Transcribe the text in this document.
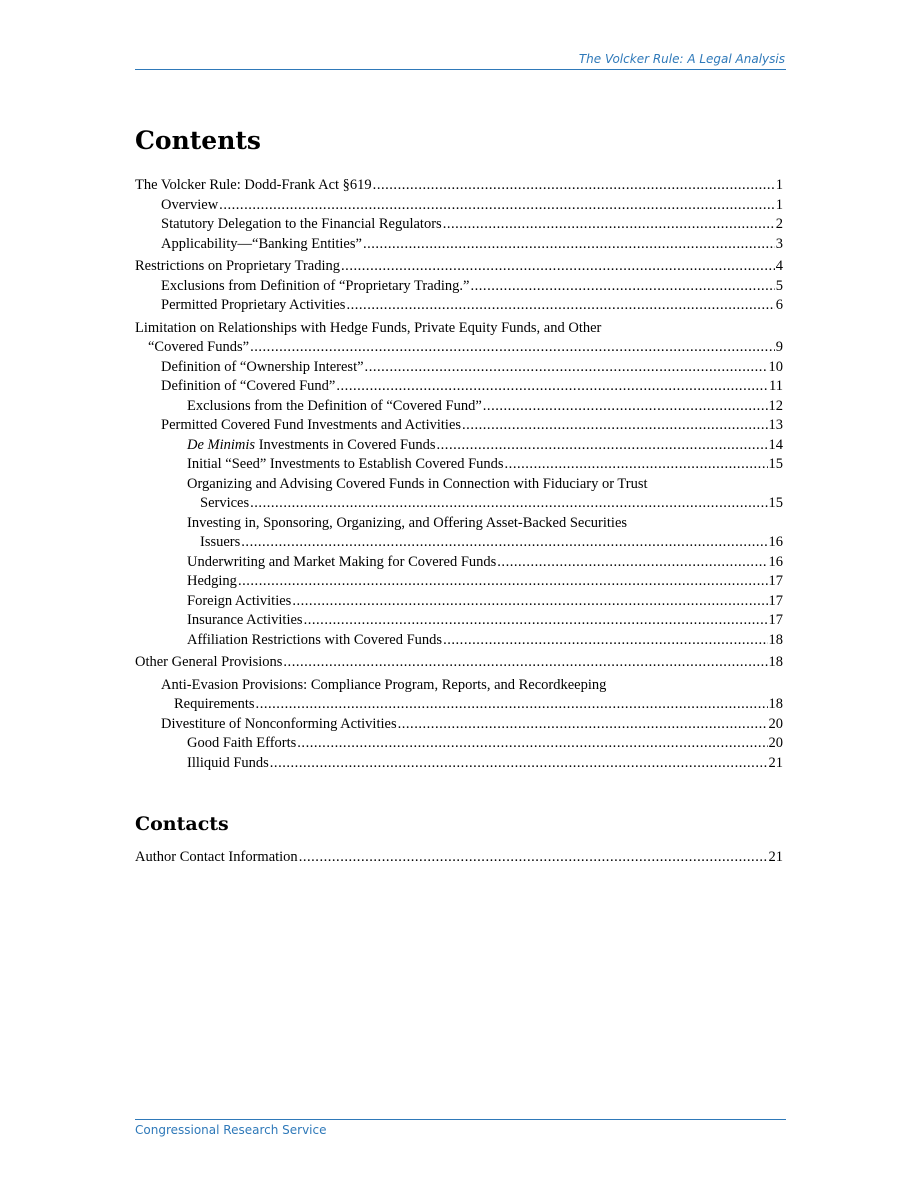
The Volcker Rule: A Legal Analysis
Contents
The Volcker Rule: Dodd-Frank Act §619 . . .	1
Overview . . .	1
Statutory Delegation to the Financial Regulators . . .	2
Applicability—“Banking Entities” . . .	3
Restrictions on Proprietary Trading . . .	4
Exclusions from Definition of “Proprietary Trading.” . . .	5
Permitted Proprietary Activities . . .	6
Limitation on Relationships with Hedge Funds, Private Equity Funds, and Other
“Covered Funds” . . .	9
Definition of “Ownership Interest” . . .	10
Definition of “Covered Fund” . . .	11
Exclusions from the Definition of “Covered Fund” . . .	12
Permitted Covered Fund Investments and Activities . . .	13
De Minimis Investments in Covered Funds . . .	14
Initial “Seed” Investments to Establish Covered Funds . . .	15
Organizing and Advising Covered Funds in Connection with Fiduciary or Trust
Services . . .	15
Investing in, Sponsoring, Organizing, and Offering Asset-Backed Securities
Issuers . . .	16
Underwriting and Market Making for Covered Funds . . .	16
Hedging . . .	17
Foreign Activities . . .	17
Insurance Activities . . .	17
Affiliation Restrictions with Covered Funds . . .	18
Other General Provisions . . .	18
Anti-Evasion Provisions: Compliance Program, Reports, and Recordkeeping
Requirements . . .	18
Divestiture of Nonconforming Activities . . .	20
Good Faith Efforts . . .	20
Illiquid Funds . . .	21
Contacts
Author Contact Information . . .	21
Congressional Research Service
